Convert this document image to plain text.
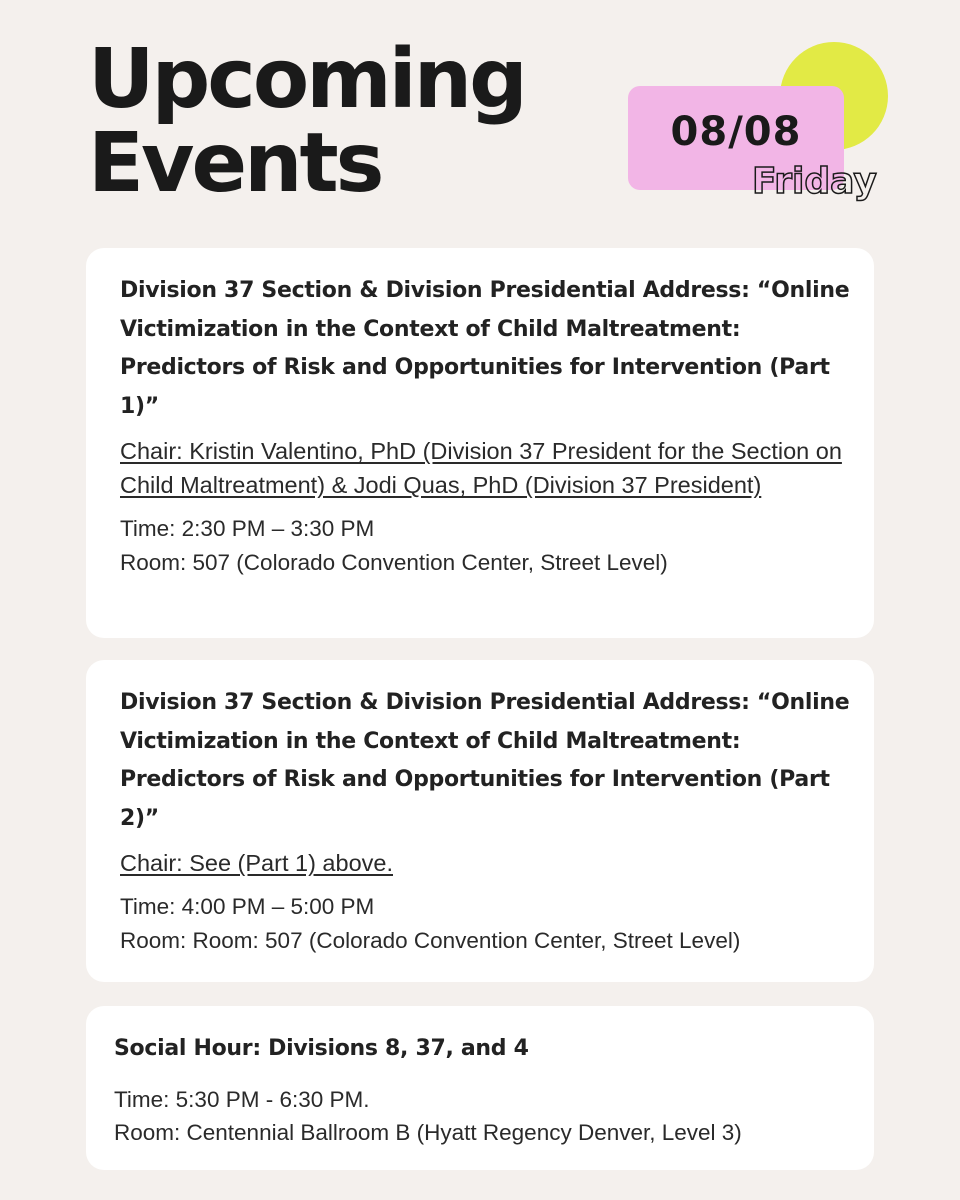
Upcoming
Events	08/08
Friday

Division 37 Section & Division Presidential Address: “Online Victimization in the Context of Child Maltreatment: Predictors of Risk and Opportunities for Intervention (Part 1)”

Chair: Kristin Valentino, PhD (Division 37 President for the Section on Child Maltreatment) & Jodi Quas, PhD (Division 37 President)

Time: 2:30 PM – 3:30 PM
Room: 507 (Colorado Convention Center, Street Level)

Division 37 Section & Division Presidential Address: “Online Victimization in the Context of Child Maltreatment: Predictors of Risk and Opportunities for Intervention (Part 2)”

Chair: See (Part 1) above.

Time: 4:00 PM – 5:00 PM
Room: Room: 507 (Colorado Convention Center, Street Level)

Social Hour: Divisions 8, 37, and 4

Time: 5:30 PM - 6:30 PM.
Room: Centennial Ballroom B (Hyatt Regency Denver, Level 3)
